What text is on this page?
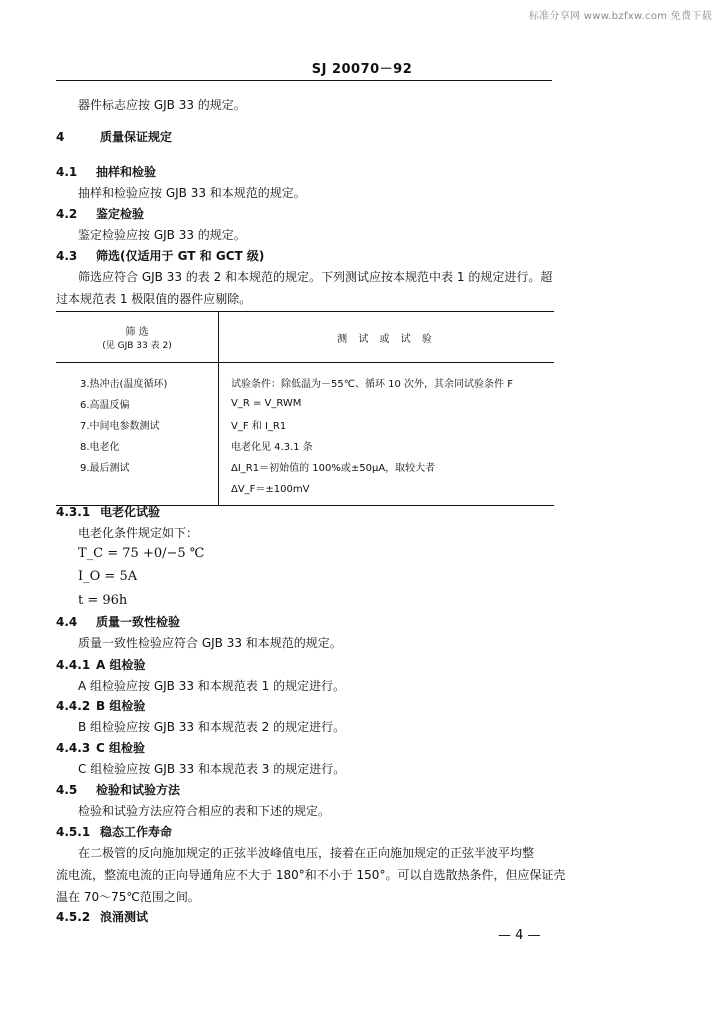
标准分享网 www.bzfxw.com 免费下载
SJ 20070－92
器件标志应按 GJB 33 的规定。
4	质量保证规定
4.1 抽样和检验
抽样和检验应按 GJB 33 和本规范的规定。
4.2 鉴定检验
鉴定检验应按 GJB 33 的规定。
4.3 筛选(仅适用于 GT 和 GCT 级)
筛选应符合 GJB 33 的表 2 和本规范的规定。下列测试应按本规范中表 1 的规定进行。超
过本规范表 1 极限值的器件应剔除。
筛 选
(见 GJB 33 表 2)	测 试 或 试 验
3.热冲击(温度循环)	试验条件：除低温为－55℃、循环 10 次外，其余同试验条件 F
6.高温反偏	V_R = V_RWM
7.中间电参数测试	V_F 和 I_R1
8.电老化	电老化见 4.3.1 条
9.最后测试	ΔI_R1＝初始值的 100%或±50μA，取较大者
	ΔV_F＝±100mV
4.3.1 电老化试验
电老化条件规定如下：
T_C = 75 +0/−5 ℃
I_O = 5A
t = 96h
4.4 质量一致性检验
质量一致性检验应符合 GJB 33 和本规范的规定。
4.4.1 A 组检验
A 组检验应按 GJB 33 和本规范表 1 的规定进行。
4.4.2 B 组检验
B 组检验应按 GJB 33 和本规范表 2 的规定进行。
4.4.3 C 组检验
C 组检验应按 GJB 33 和本规范表 3 的规定进行。
4.5 检验和试验方法
检验和试验方法应符合相应的表和下述的规定。
4.5.1 稳态工作寿命
在二极管的反向施加规定的正弦半波峰值电压，接着在正向施加规定的正弦半波平均整
流电流，整流电流的正向导通角应不大于 180°和不小于 150°。可以自选散热条件，但应保证壳
温在 70～75℃范围之间。
4.5.2 浪涌测试
— 4 —
